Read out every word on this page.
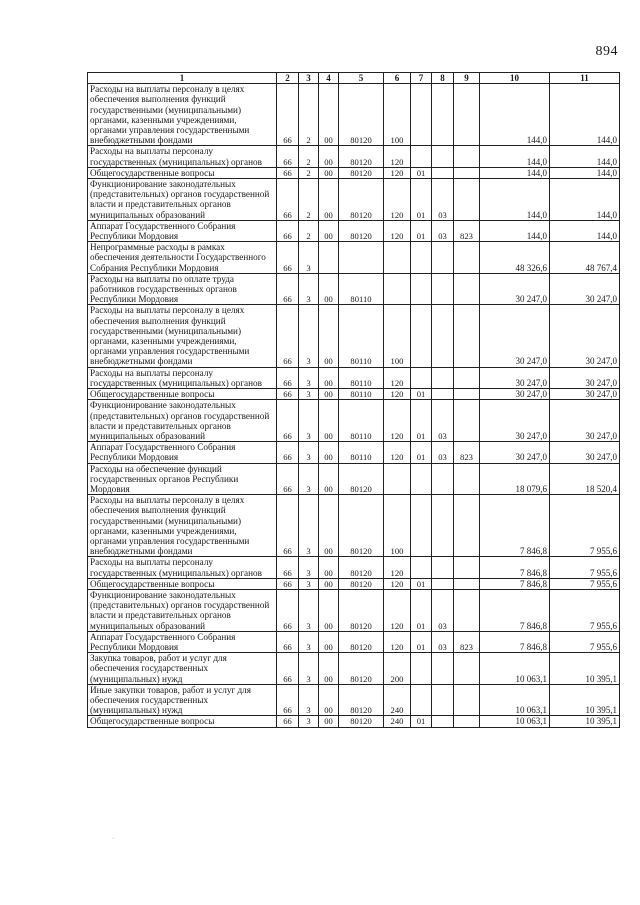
894
1	2	3	4	5	6	7	8	9	10	11
Расходы на выплаты персоналу в целях обеспечения выполнения функций государственными (муниципальными) органами, казенными учреждениями, органами управления государственными внебюджетными фондами	66	2	00	80120	100				144,0	144,0
Расходы на выплаты персоналу государственных (муниципальных) органов	66	2	00	80120	120				144,0	144,0
Общегосударственные вопросы	66	2	00	80120	120	01			144,0	144,0
Функционирование законодательных (представительных) органов государственной власти и представительных органов муниципальных образований	66	2	00	80120	120	01	03		144,0	144,0
Аппарат Государственного Собрания Республики Мордовия	66	2	00	80120	120	01	03	823	144,0	144,0
Непрограммные расходы в рамках обеспечения деятельности Государственного Собрания Республики Мордовия	66	3							48 326,6	48 767,4
Расходы на выплаты по оплате труда работников государственных органов Республики Мордовия	66	3	00	80110					30 247,0	30 247,0
Расходы на выплаты персоналу в целях обеспечения выполнения функций государственными (муниципальными) органами, казенными учреждениями, органами управления государственными внебюджетными фондами	66	3	00	80110	100				30 247,0	30 247,0
Расходы на выплаты персоналу государственных (муниципальных) органов	66	3	00	80110	120				30 247,0	30 247,0
Общегосударственные вопросы	66	3	00	80110	120	01			30 247,0	30 247,0
Функционирование законодательных (представительных) органов государственной власти и представительных органов муниципальных образований	66	3	00	80110	120	01	03		30 247,0	30 247,0
Аппарат Государственного Собрания Республики Мордовия	66	3	00	80110	120	01	03	823	30 247,0	30 247,0
Расходы на обеспечение функций государственных органов Республики Мордовия	66	3	00	80120					18 079,6	18 520,4
Расходы на выплаты персоналу в целях обеспечения выполнения функций государственными (муниципальными) органами, казенными учреждениями, органами управления государственными внебюджетными фондами	66	3	00	80120	100				7 846,8	7 955,6
Расходы на выплаты персоналу государственных (муниципальных) органов	66	3	00	80120	120				7 846,8	7 955,6
Общегосударственные вопросы	66	3	00	80120	120	01			7 846,8	7 955,6
Функционирование законодательных (представительных) органов государственной власти и представительных органов муниципальных образований	66	3	00	80120	120	01	03		7 846,8	7 955,6
Аппарат Государственного Собрания Республики Мордовия	66	3	00	80120	120	01	03	823	7 846,8	7 955,6
Закупка товаров, работ и услуг для обеспечения государственных (муниципальных) нужд	66	3	00	80120	200				10 063,1	10 395,1
Иные закупки товаров, работ и услуг для обеспечения государственных (муниципальных) нужд	66	3	00	80120	240				10 063,1	10 395,1
Общегосударственные вопросы	66	3	00	80120	240	01			10 063,1	10 395,1
·
